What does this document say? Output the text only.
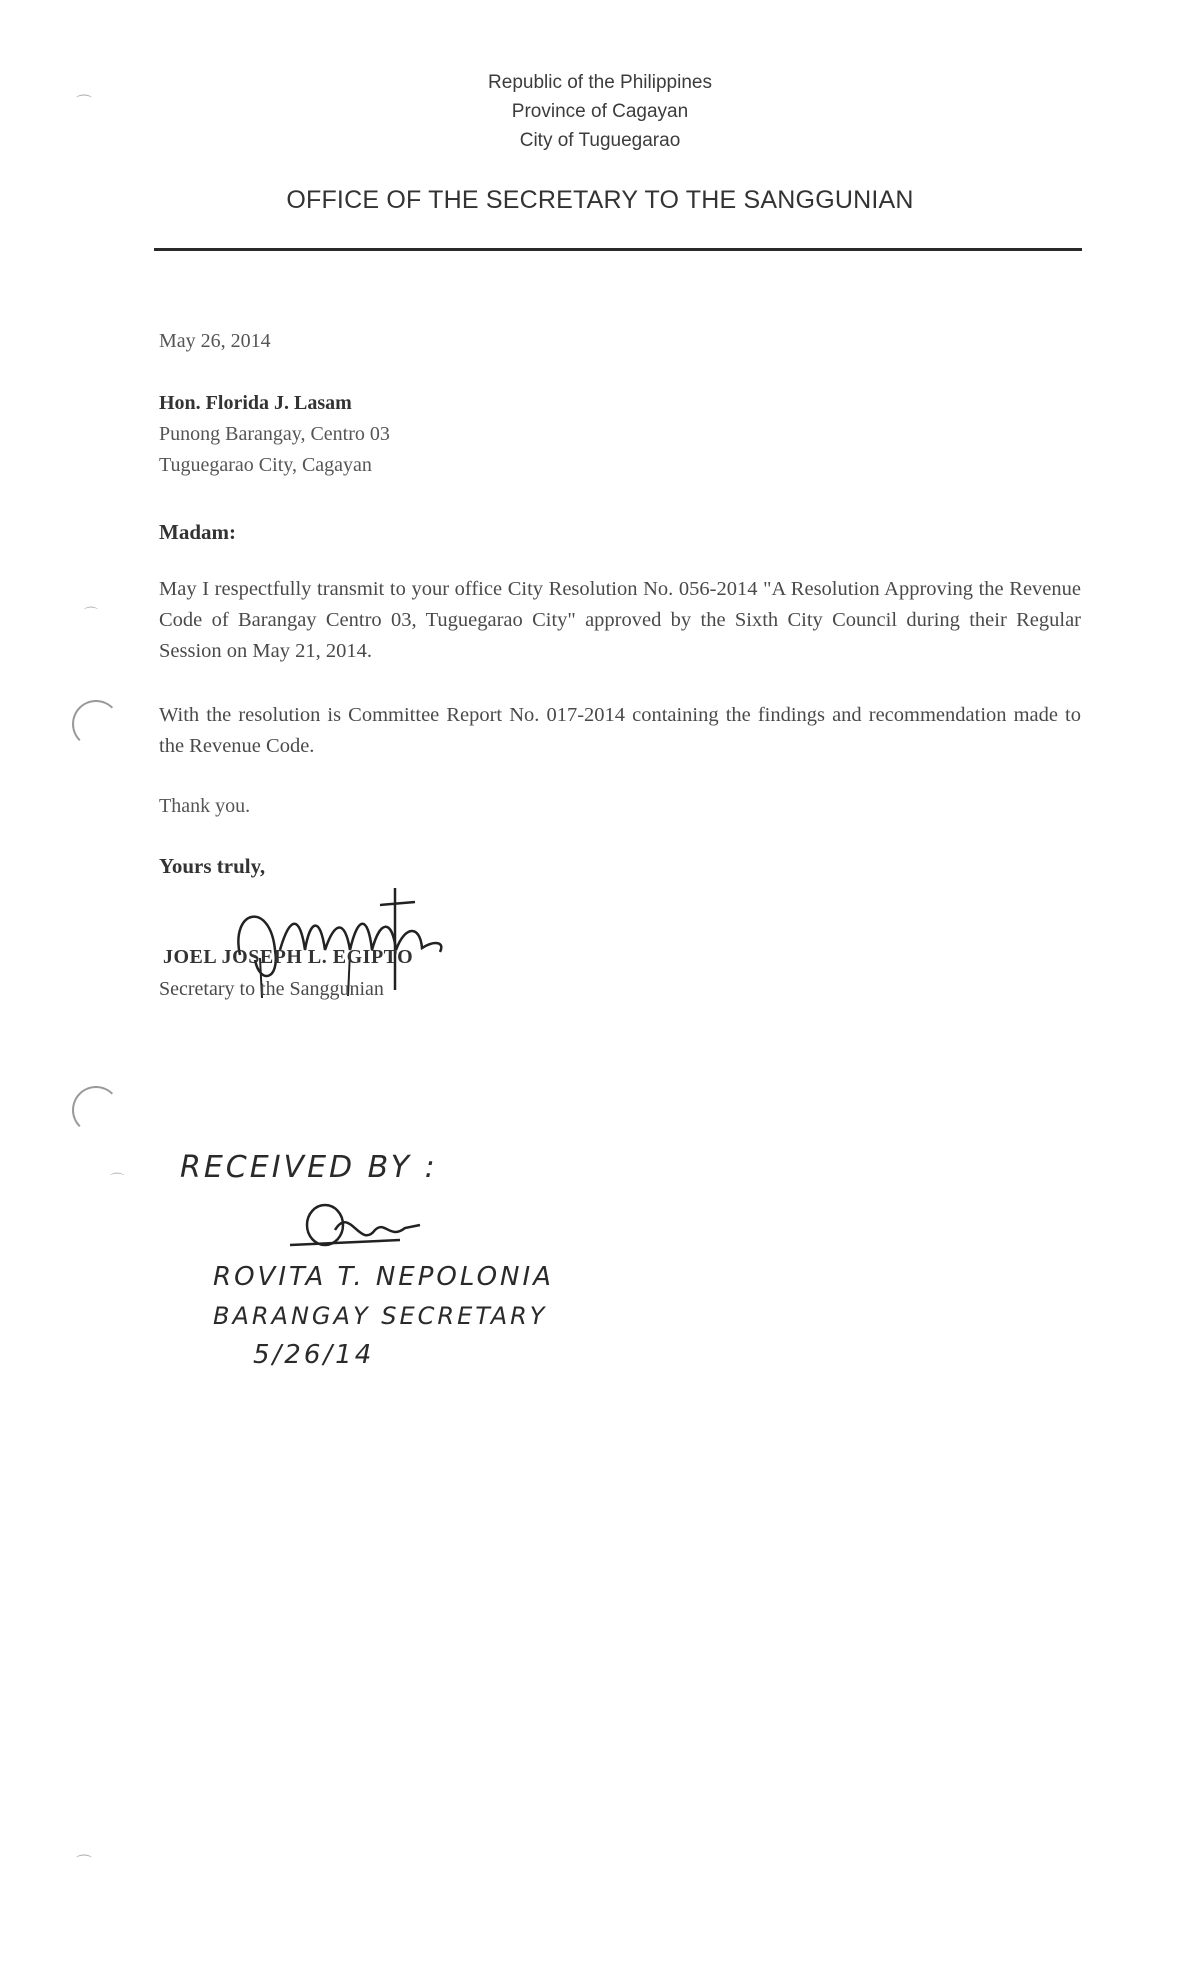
⌒
⌒
⌒
⌒
Republic of the Philippines
Province of Cagayan
City of Tuguegarao
OFFICE OF THE SECRETARY TO THE SANGGUNIAN
May 26, 2014
Hon. Florida J. Lasam
Punong Barangay, Centro 03
Tuguegarao City, Cagayan
Madam:
May I respectfully transmit to your office City Resolution No. 056-2014 "A Resolution Approving the Revenue Code of Barangay Centro 03, Tuguegarao City" approved by the Sixth City Council during their Regular Session on May 21, 2014.
With the resolution is Committee Report No. 017-2014 containing the findings and recommendation made to the Revenue Code.
Thank you.
Yours truly,
JOEL JOSEPH L. EGIPTO
Secretary to the Sanggunian
RECEIVED BY :
ROVITA T. NEPOLONIA
BARANGAY SECRETARY
5/26/14
